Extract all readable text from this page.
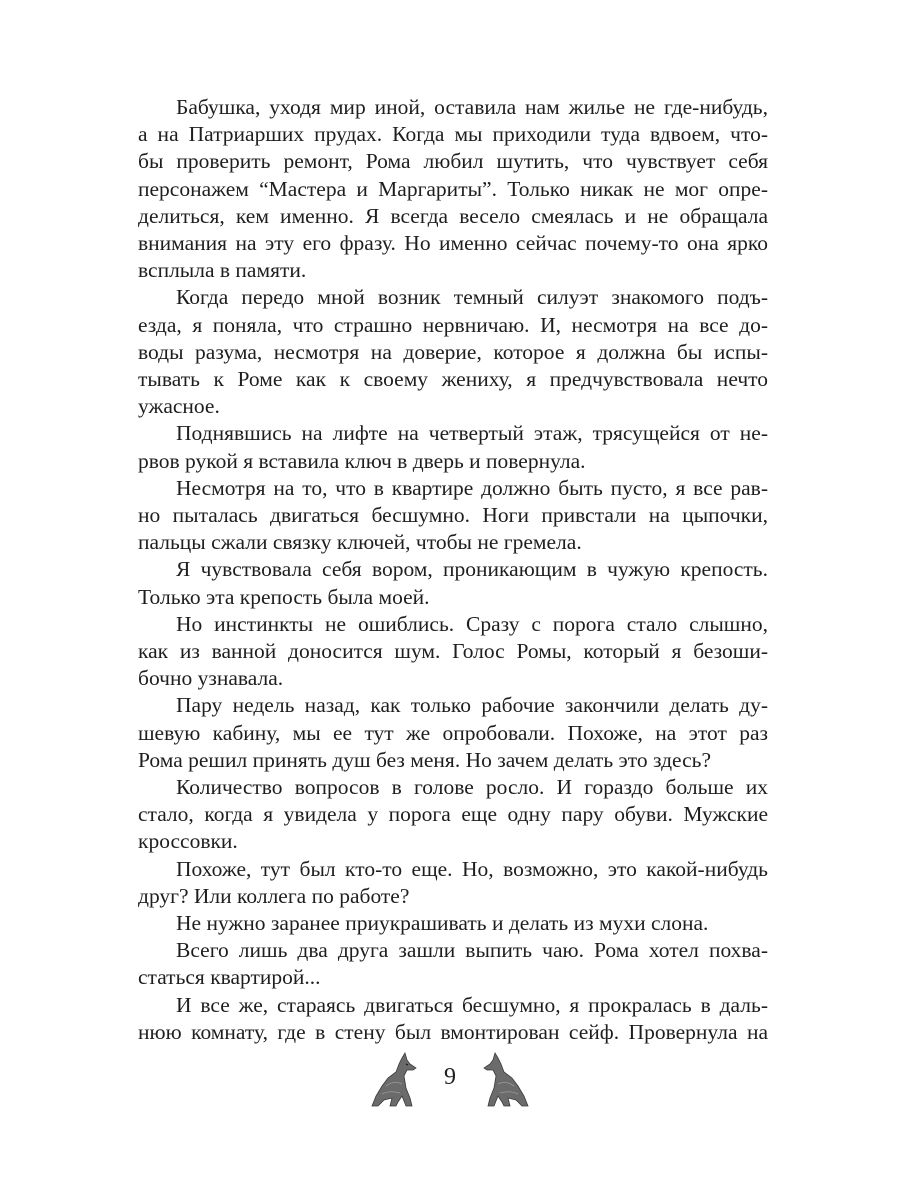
Бабушка, уходя мир иной, оставила нам жилье не где-нибудь,
а на Патриарших прудах. Когда мы приходили туда вдвоем, что-
бы проверить ремонт, Рома любил шутить, что чувствует себя
персонажем “Мастера и Маргариты”. Только никак не мог опре-
делиться, кем именно. Я всегда весело смеялась и не обращала
внимания на эту его фразу. Но именно сейчас почему-то она ярко
всплыла в памяти.
Когда передо мной возник темный силуэт знакомого подъ-
езда, я поняла, что страшно нервничаю. И, несмотря на все до-
воды разума, несмотря на доверие, которое я должна бы испы-
тывать к Роме как к своему жениху, я предчувствовала нечто
ужасное.
Поднявшись на лифте на четвертый этаж, трясущейся от не-
рвов рукой я вставила ключ в дверь и повернула.
Несмотря на то, что в квартире должно быть пусто, я все рав-
но пыталась двигаться бесшумно. Ноги привстали на цыпочки,
пальцы сжали связку ключей, чтобы не гремела.
Я чувствовала себя вором, проникающим в чужую крепость.
Только эта крепость была моей.
Но инстинкты не ошиблись. Сразу с порога стало слышно,
как из ванной доносится шум. Голос Ромы, который я безоши-
бочно узнавала.
Пару недель назад, как только рабочие закончили делать ду-
шевую кабину, мы ее тут же опробовали. Похоже, на этот раз
Рома решил принять душ без меня. Но зачем делать это здесь?
Количество вопросов в голове росло. И гораздо больше их
стало, когда я увидела у порога еще одну пару обуви. Мужские
кроссовки.
Похоже, тут был кто-то еще. Но, возможно, это какой-нибудь
друг? Или коллега по работе?
Не нужно заранее приукрашивать и делать из мухи слона.
Всего лишь два друга зашли выпить чаю. Рома хотел похва-
статься квартирой...
И все же, стараясь двигаться бесшумно, я прокралась в даль-
нюю комнату, где в стену был вмонтирован сейф. Провернула на
9
